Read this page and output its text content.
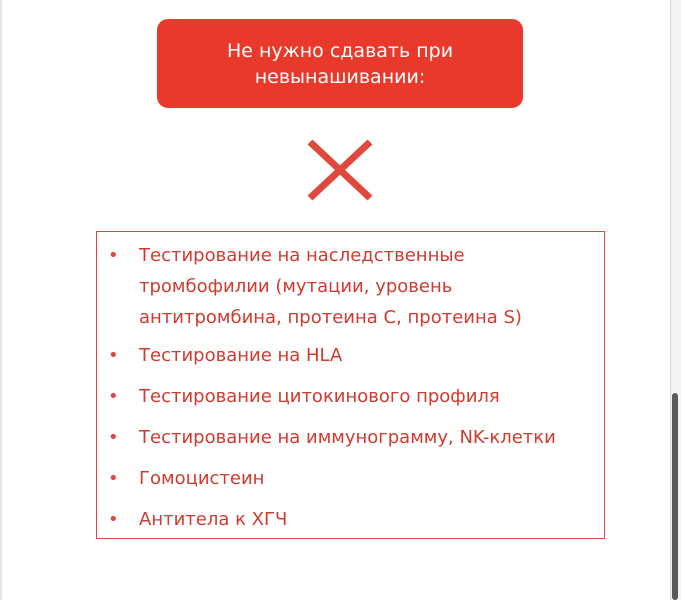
Не нужно сдавать при
невынашивании:
• Тестирование на наследственные
тромбофилии (мутации, уровень
антитромбина, протеина С, протеина S)
• Тестирование на HLA
• Тестирование цитокинового профиля
• Тестирование на иммунограмму, NK-клетки
• Гомоцистеин
• Антитела к ХГЧ
